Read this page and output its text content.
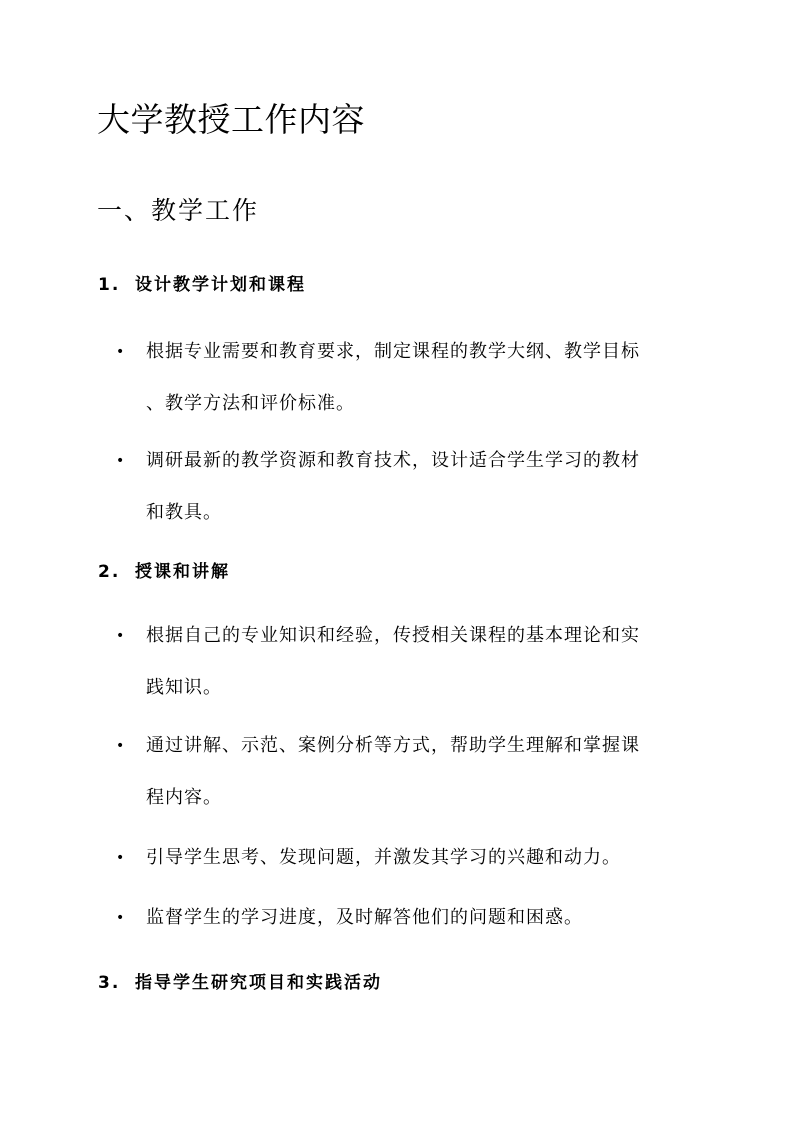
大学教授工作内容
一、教学工作
1. 设计教学计划和课程
• 根据专业需要和教育要求，制定课程的教学大纲、教学目标
、教学方法和评价标准。
• 调研最新的教学资源和教育技术，设计适合学生学习的教材
和教具。
2. 授课和讲解
• 根据自己的专业知识和经验，传授相关课程的基本理论和实
践知识。
• 通过讲解、示范、案例分析等方式，帮助学生理解和掌握课
程内容。
• 引导学生思考、发现问题，并激发其学习的兴趣和动力。
• 监督学生的学习进度，及时解答他们的问题和困惑。
3. 指导学生研究项目和实践活动
